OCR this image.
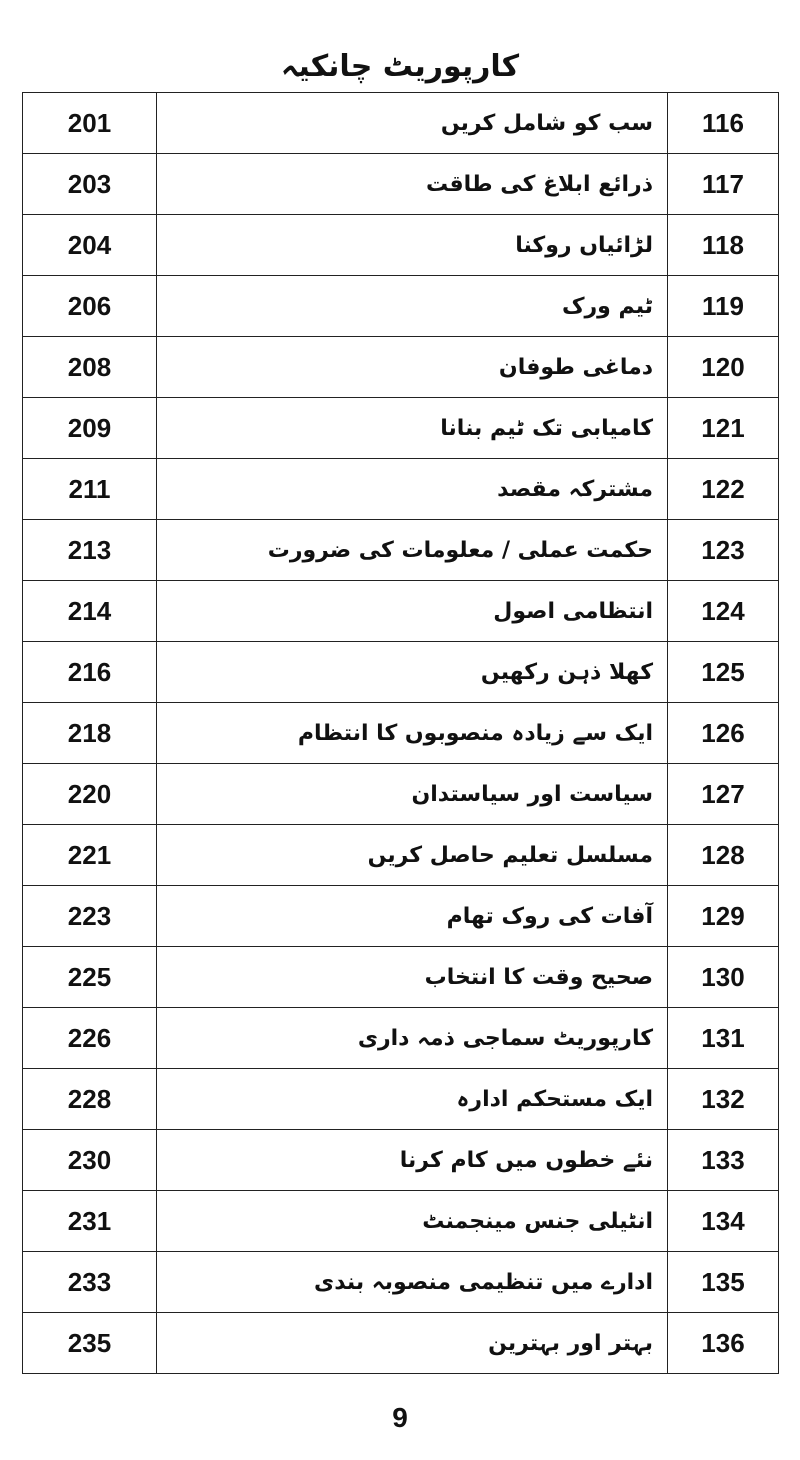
کارپوریٹ چانکیہ
201	سب کو شامل کریں	116
203	ذرائع ابلاغ کی طاقت	117
204	لڑائیاں روکنا	118
206	ٹیم ورک	119
208	دماغی طوفان	120
209	کامیابی تک ٹیم بنانا	121
211	مشترکہ مقصد	122
213	حکمت عملی / معلومات کی ضرورت	123
214	انتظامی اصول	124
216	کھلا ذہن رکھیں	125
218	ایک سے زیادہ منصوبوں کا انتظام	126
220	سیاست اور سیاستدان	127
221	مسلسل تعلیم حاصل کریں	128
223	آفات کی روک تھام	129
225	صحیح وقت کا انتخاب	130
226	کارپوریٹ سماجی ذمہ داری	131
228	ایک مستحکم ادارہ	132
230	نئے خطوں میں کام کرنا	133
231	انٹیلی جنس مینجمنٹ	134
233	ادارے میں تنظیمی منصوبہ بندی	135
235	بہتر اور بہترین	136
9
